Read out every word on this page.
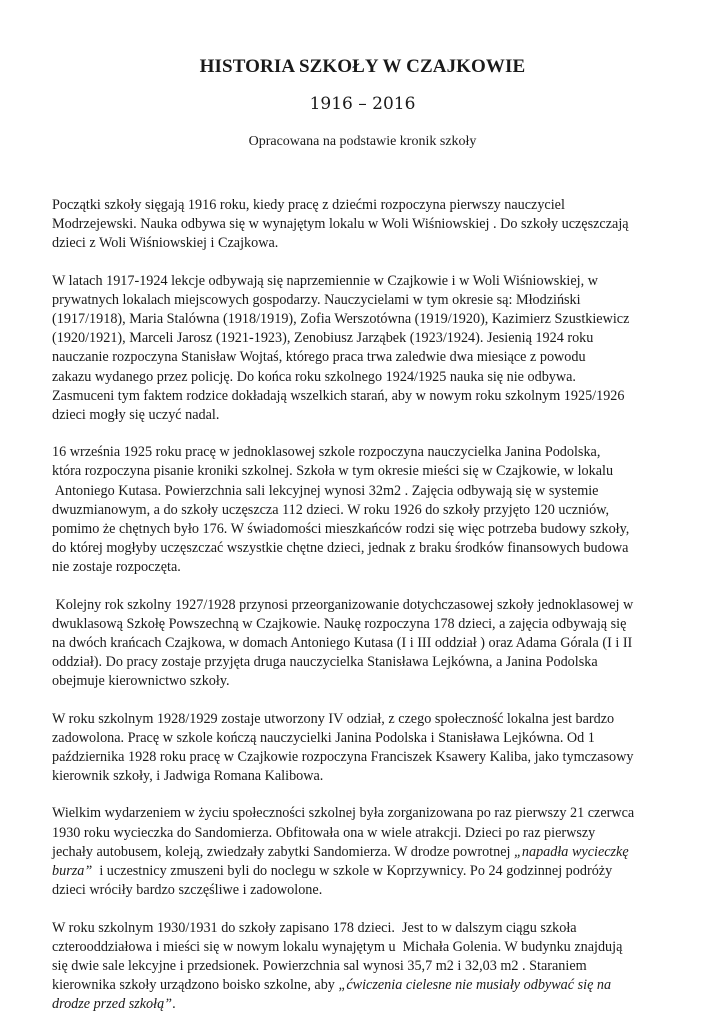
HISTORIA SZKOŁY W CZAJKOWIE
1916 – 2016
Opracowana na podstawie kronik szkoły

Początki szkoły sięgają 1916 roku, kiedy pracę z dziećmi rozpoczyna pierwszy nauczyciel
Modrzejewski. Nauka odbywa się w wynajętym lokalu w Woli Wiśniowskiej . Do szkoły uczęszczają
dzieci z Woli Wiśniowskiej i Czajkowa.

W latach 1917-1924 lekcje odbywają się naprzemiennie w Czajkowie i w Woli Wiśniowskiej, w
prywatnych lokalach miejscowych gospodarzy. Nauczycielami w tym okresie są: Młodziński
(1917/1918), Maria Stalówna (1918/1919), Zofia Werszotówna (1919/1920), Kazimierz Szustkiewicz
(1920/1921), Marceli Jarosz (1921-1923), Zenobiusz Jarząbek (1923/1924). Jesienią 1924 roku
nauczanie rozpoczyna Stanisław Wojtaś, którego praca trwa zaledwie dwa miesiące z powodu
zakazu wydanego przez policję. Do końca roku szkolnego 1924/1925 nauka się nie odbywa.
Zasmuceni tym faktem rodzice dokładają wszelkich starań, aby w nowym roku szkolnym 1925/1926
dzieci mogły się uczyć nadal.

16 września 1925 roku pracę w jednoklasowej szkole rozpoczyna nauczycielka Janina Podolska,
która rozpoczyna pisanie kroniki szkolnej. Szkoła w tym okresie mieści się w Czajkowie, w lokalu
Antoniego Kutasa. Powierzchnia sali lekcyjnej wynosi 32m2 . Zajęcia odbywają się w systemie
dwuzmianowym, a do szkoły uczęszcza 112 dzieci. W roku 1926 do szkoły przyjęto 120 uczniów,
pomimo że chętnych było 176. W świadomości mieszkańców rodzi się więc potrzeba budowy szkoły,
do której mogłyby uczęszczać wszystkie chętne dzieci, jednak z braku środków finansowych budowa
nie zostaje rozpoczęta.

Kolejny rok szkolny 1927/1928 przynosi przeorganizowanie dotychczasowej szkoły jednoklasowej w
dwuklasową Szkołę Powszechną w Czajkowie. Naukę rozpoczyna 178 dzieci, a zajęcia odbywają się
na dwóch krańcach Czajkowa, w domach Antoniego Kutasa (I i III oddział ) oraz Adama Górala (I i II
oddział). Do pracy zostaje przyjęta druga nauczycielka Stanisława Lejkówna, a Janina Podolska
obejmuje kierownictwo szkoły.

W roku szkolnym 1928/1929 zostaje utworzony IV odział, z czego społeczność lokalna jest bardzo
zadowolona. Pracę w szkole kończą nauczycielki Janina Podolska i Stanisława Lejkówna. Od 1
października 1928 roku pracę w Czajkowie rozpoczyna Franciszek Ksawery Kaliba, jako tymczasowy
kierownik szkoły, i Jadwiga Romana Kalibowa.

Wielkim wydarzeniem w życiu społeczności szkolnej była zorganizowana po raz pierwszy 21 czerwca
1930 roku wycieczka do Sandomierza. Obfitowała ona w wiele atrakcji. Dzieci po raz pierwszy
jechały autobusem, koleją, zwiedzały zabytki Sandomierza. W drodze powrotnej „napadła wycieczkę
burza”  i uczestnicy zmuszeni byli do noclegu w szkole w Koprzywnicy. Po 24 godzinnej podróży
dzieci wróciły bardzo szczęśliwe i zadowolone.

W roku szkolnym 1930/1931 do szkoły zapisano 178 dzieci.  Jest to w dalszym ciągu szkoła
czterooddziałowa i mieści się w nowym lokalu wynajętym u  Michała Golenia. W budynku znajdują
się dwie sale lekcyjne i przedsionek. Powierzchnia sal wynosi 35,7 m2 i 32,03 m2 . Staraniem
kierownika szkoły urządzono boisko szkolne, aby „ćwiczenia cielesne nie musiały odbywać się na
drodze przed szkołą”.
